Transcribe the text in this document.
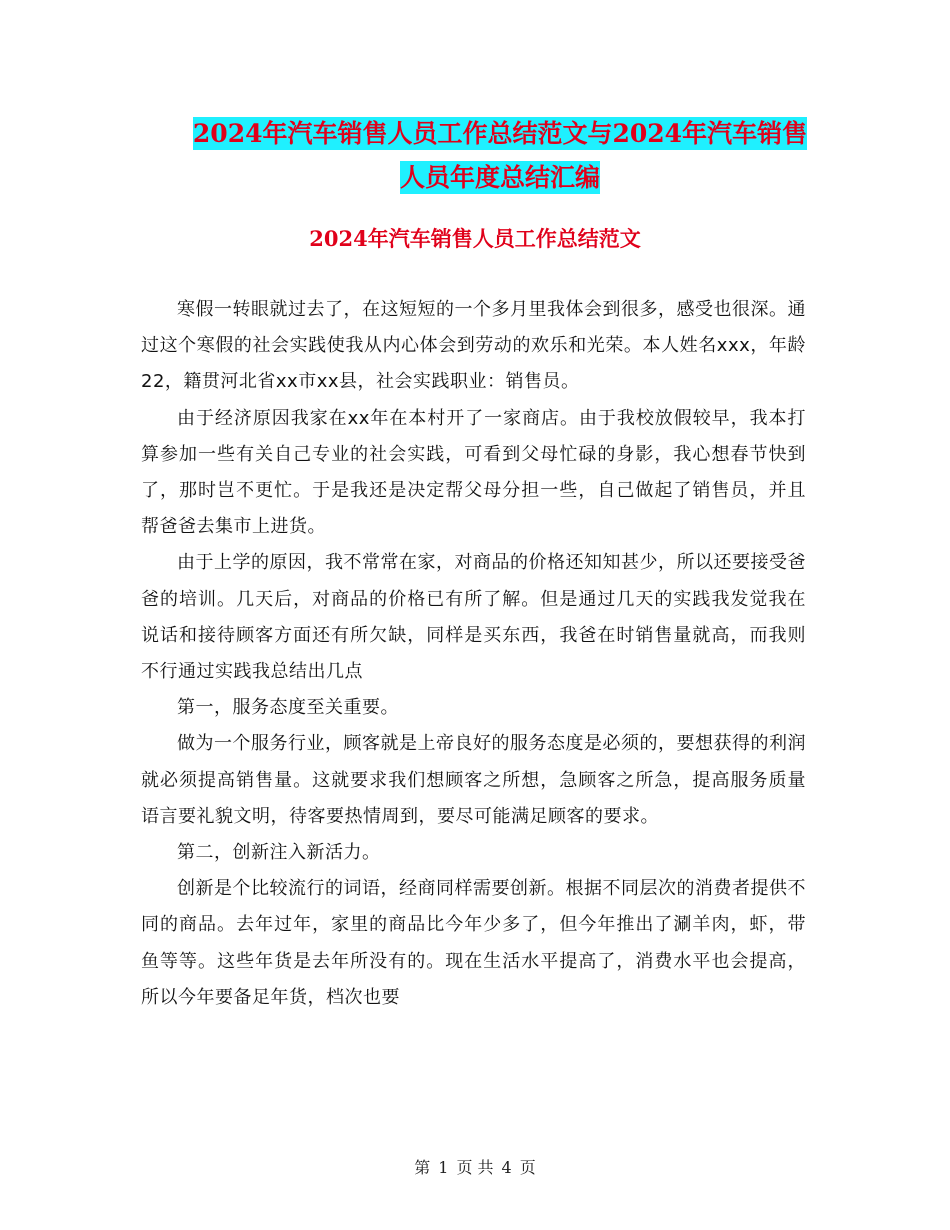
2024年汽车销售人员工作总结范文与2024年汽车销售
人员年度总结汇编
2024年汽车销售人员工作总结范文

寒假一转眼就过去了，在这短短的一个多月里我体会到很多，感受也很深。通过这个寒假的社会实践使我从内心体会到劳动的欢乐和光荣。本人姓名xxx，年龄22，籍贯河北省xx市xx县，社会实践职业：销售员。

由于经济原因我家在xx年在本村开了一家商店。由于我校放假较早，我本打算参加一些有关自己专业的社会实践，可看到父母忙碌的身影，我心想春节快到了，那时岂不更忙。于是我还是决定帮父母分担一些，自己做起了销售员，并且帮爸爸去集市上进货。

由于上学的原因，我不常常在家，对商品的价格还知知甚少，所以还要接受爸爸的培训。几天后，对商品的价格已有所了解。但是通过几天的实践我发觉我在说话和接待顾客方面还有所欠缺，同样是买东西，我爸在时销售量就高，而我则不行通过实践我总结出几点

第一，服务态度至关重要。

做为一个服务行业，顾客就是上帝良好的服务态度是必须的，要想获得的利润就必须提高销售量。这就要求我们想顾客之所想，急顾客之所急，提高服务质量语言要礼貌文明，待客要热情周到，要尽可能满足顾客的要求。

第二，创新注入新活力。

创新是个比较流行的词语，经商同样需要创新。根据不同层次的消费者提供不同的商品。去年过年，家里的商品比今年少多了，但今年推出了涮羊肉，虾，带鱼等等。这些年货是去年所没有的。现在生活水平提高了，消费水平也会提高，所以今年要备足年货，档次也要

第 1 页 共 4 页
